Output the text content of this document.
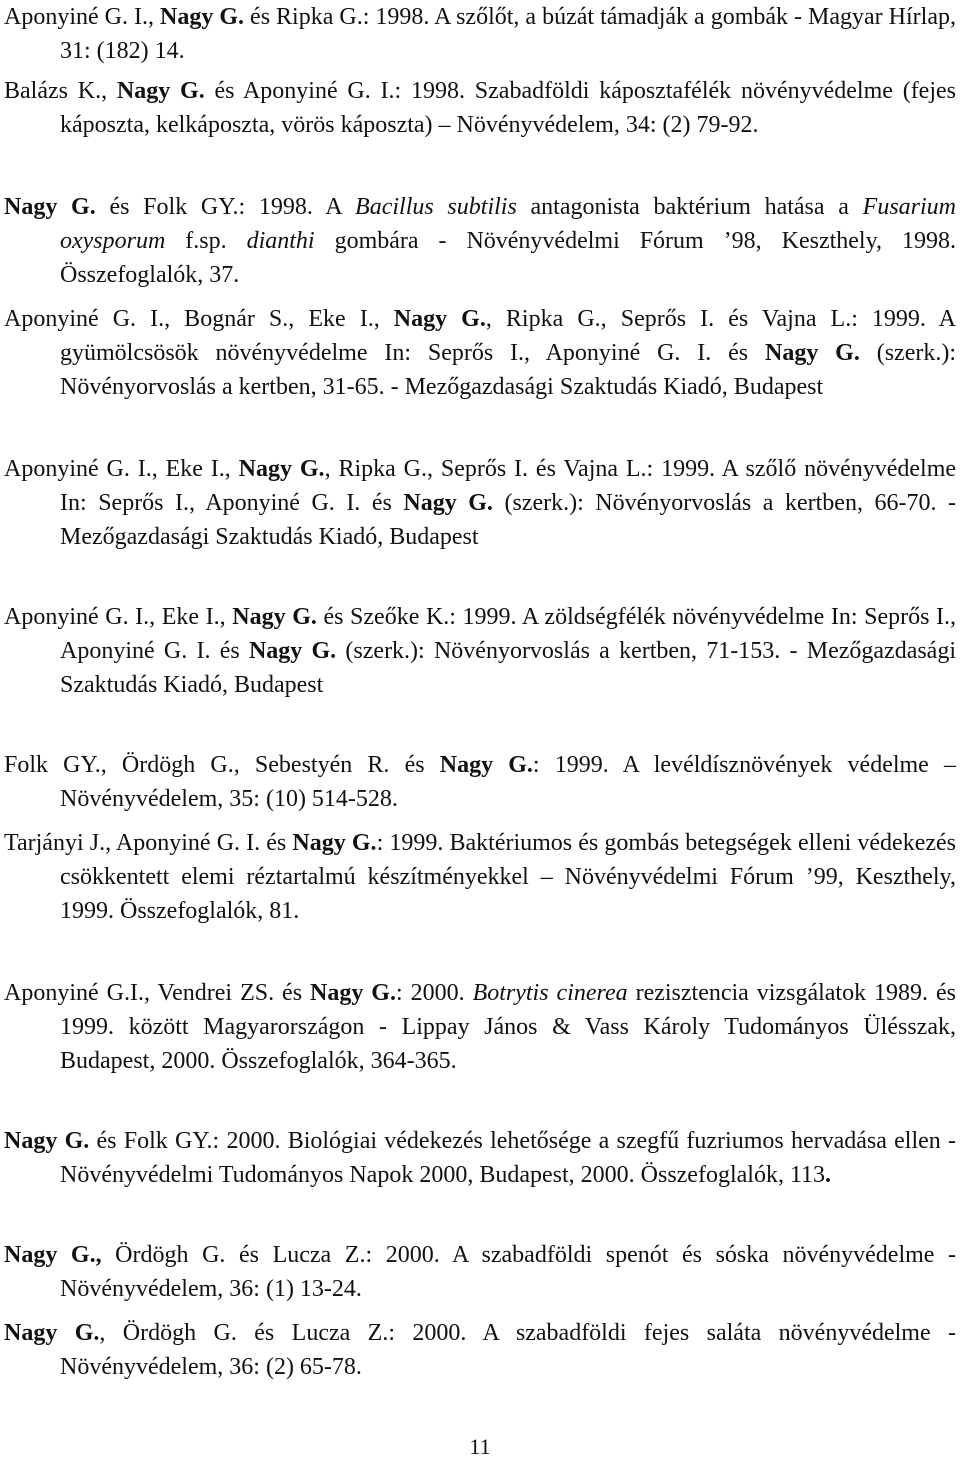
Aponyiné G. I., Nagy G. és Ripka G.: 1998. A szőlőt, a búzát támadják a gombák - Magyar Hírlap, 31: (182) 14.

Balázs K., Nagy G. és Aponyiné G. I.: 1998. Szabadföldi káposztafélék növényvédelme (fejes káposzta, kelkáposzta, vörös káposzta) – Növényvédelem, 34: (2) 79-92.

Nagy G. és Folk GY.: 1998. A Bacillus subtilis antagonista baktérium hatása a Fusarium oxysporum f.sp. dianthi gombára - Növényvédelmi Fórum ’98, Keszthely, 1998. Összefoglalók, 37.

Aponyiné G. I., Bognár S., Eke I., Nagy G., Ripka G., Seprős I. és Vajna L.: 1999. A gyümölcsösök növényvédelme In: Seprős I., Aponyiné G. I. és Nagy G. (szerk.): Növényorvoslás a kertben, 31-65. - Mezőgazdasági Szaktudás Kiadó, Budapest

Aponyiné G. I., Eke I., Nagy G., Ripka G., Seprős I. és Vajna L.: 1999. A szőlő növényvédelme In: Seprős I., Aponyiné G. I. és Nagy G. (szerk.): Növényorvoslás a kertben, 66-70. - Mezőgazdasági Szaktudás Kiadó, Budapest

Aponyiné G. I., Eke I., Nagy G. és Szeőke K.: 1999. A zöldségfélék növényvédelme In: Seprős I., Aponyiné G. I. és Nagy G. (szerk.): Növényorvoslás a kertben, 71-153. - Mezőgazdasági Szaktudás Kiadó, Budapest

Folk GY., Ördögh G., Sebestyén R. és Nagy G.: 1999. A levéldísznövények védelme – Növényvédelem, 35: (10) 514-528.

Tarjányi J., Aponyiné G. I. és Nagy G.: 1999. Baktériumos és gombás betegségek elleni védekezés csökkentett elemi réztartalmú készítményekkel – Növényvédelmi Fórum ’99, Keszthely, 1999. Összefoglalók, 81.

Aponyiné G.I., Vendrei ZS. és Nagy G.: 2000. Botrytis cinerea rezisztencia vizsgálatok 1989. és 1999. között Magyarországon - Lippay János & Vass Károly Tudományos Ülésszak, Budapest, 2000. Összefoglalók, 364-365.

Nagy G. és Folk GY.: 2000. Biológiai védekezés lehetősége a szegfű fuzriumos hervadása ellen - Növényvédelmi Tudományos Napok 2000, Budapest, 2000. Összefoglalók, 113.

Nagy G., Ördögh G. és Lucza Z.: 2000. A szabadföldi spenót és sóska növényvédelme - Növényvédelem, 36: (1) 13-24.

Nagy G., Ördögh G. és Lucza Z.: 2000. A szabadföldi fejes saláta növényvédelme - Növényvédelem, 36: (2) 65-78.

11
